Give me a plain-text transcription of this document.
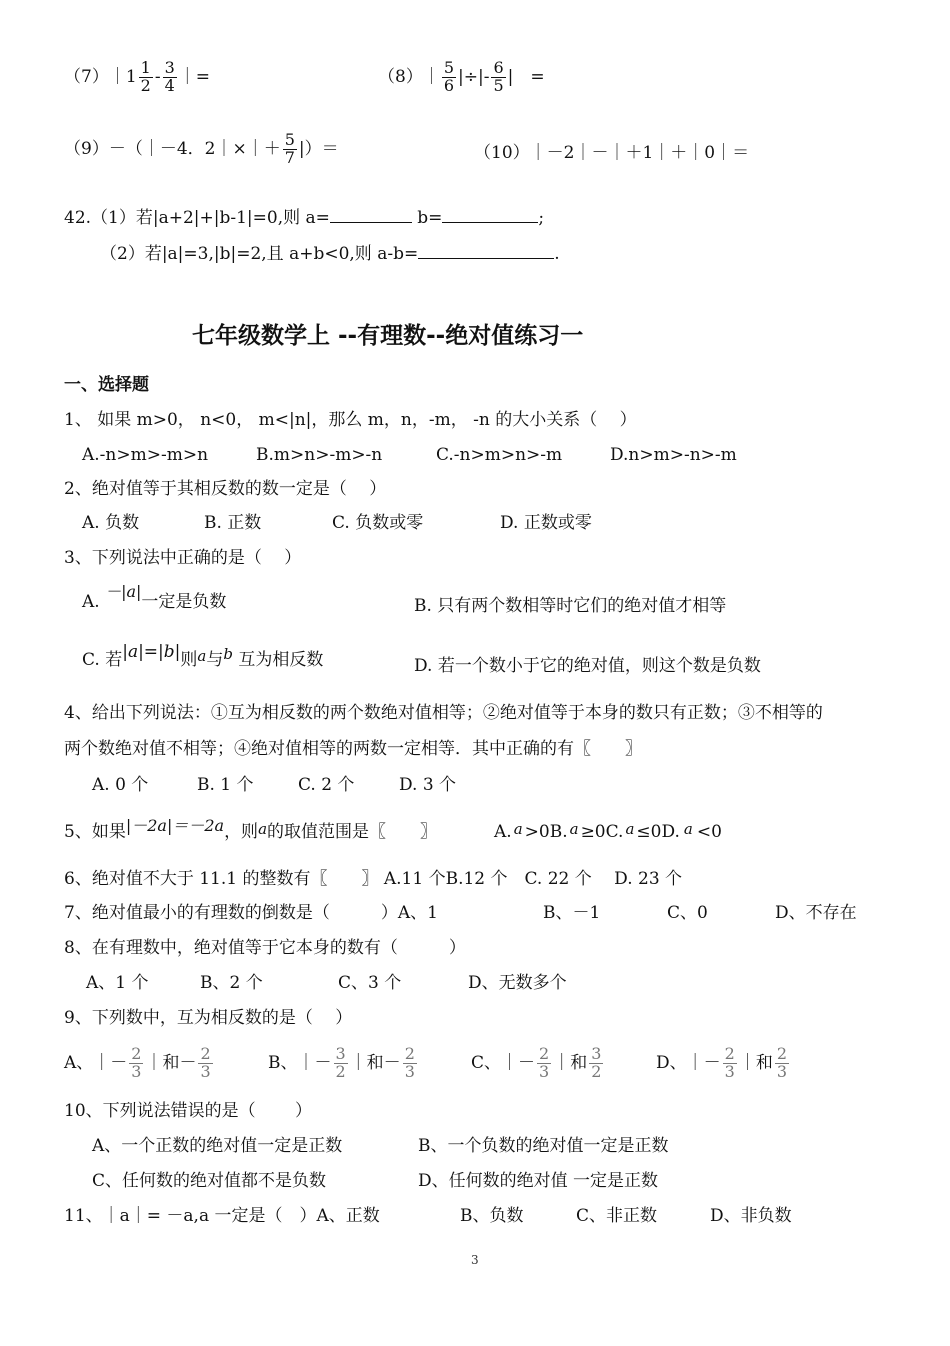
（7）｜1 $\frac{1}{2} - \frac{3}{4}$ ｜=	（8）｜ $\frac{5}{6}$ |÷|- $\frac{6}{5}$ |　=
（9）－（｜－4．2｜×｜＋ $\frac{5}{7}$ |）＝	（10）｜－2｜－｜＋1｜＋｜0｜＝
42.（1）若|a+2|+|b-1|=0,则 a=	b=	;
（2）若|a|=3,|b|=2,且 a+b<0,则 a-b=	.
七年级数学上 --有理数--绝对值练习一
一、选择题
1、 如果 m>0， n<0， m<|n|，那么 m，n，-m， -n 的大小关系（　 ）
A.-n>m>-m>n	B.m>n>-m>-n	C.-n>m>n>-m	D.n>m>-n>-m
2、绝对值等于其相反数的数一定是（　 ）
A. 负数	B. 正数	C. 负数或零	D. 正数或零
3、下列说法中正确的是（　 ）
A. －|a|一定是负数	B. 只有两个数相等时它们的绝对值才相等
C. 若|a|=|b|则a与b 互为相反数	D. 若一个数小于它的绝对值，则这个数是负数
4、给出下列说法：①互为相反数的两个数绝对值相等；②绝对值等于本身的数只有正数；③不相等的
两个数绝对值不相等；④绝对值相等的两数一定相等．其中正确的有〖　　〗
A. 0 个	B. 1 个	C. 2 个	D. 3 个
5、如果|－2a|＝－2a，则a的取值范围是〖　　〗	A. a >0B. a ≥0C. a ≤0D. a <0
6、绝对值不大于 11.1 的整数有〖　　〗 A.11 个B.12 个　C. 22 个　 D. 23 个
7、绝对值最小的有理数的倒数是（　　　）A、1	B、－1	C、0	D、不存在
8、在有理数中，绝对值等于它本身的数有（　　　）
A、1 个	B、2 个	C、3 个	D、无数多个
9、下列数中，互为相反数的是（　 ）
A、｜－ $\frac{2}{3}$ ｜和－ $\frac{2}{3}$	B、｜－ $\frac{3}{2}$ ｜和－ $\frac{2}{3}$	C、｜－ $\frac{2}{3}$ ｜和 $\frac{3}{2}$	D、｜－ $\frac{2}{3}$ ｜和 $\frac{2}{3}$
10、下列说法错误的是（　　 ）
A、一个正数的绝对值一定是正数	B、一个负数的绝对值一定是正数
C、任何数的绝对值都不是负数	D、任何数的绝对值 一定是正数
11、｜a｜= －a,a 一定是（　）A、正数	B、负数	C、非正数	D、非负数
3
